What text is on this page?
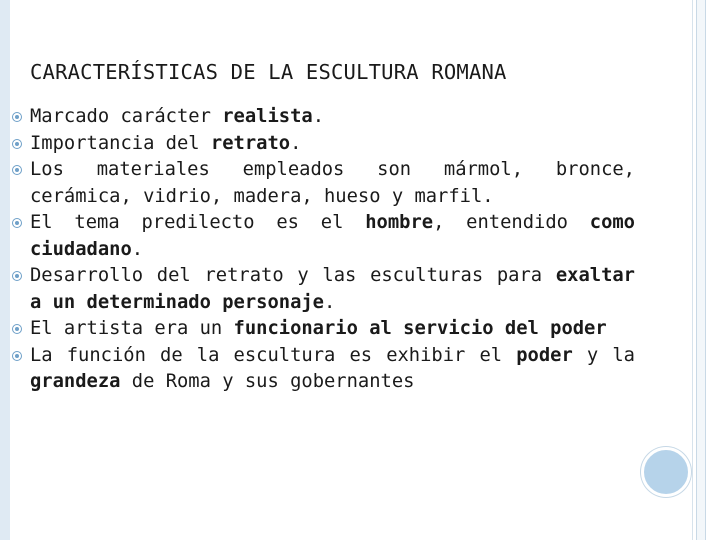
CARACTERÍSTICAS DE LA ESCULTURA ROMANA
Marcado carácter realista.
Importancia del retrato.
Los materiales empleados son mármol, bronce, cerámica, vidrio, madera, hueso y marfil.
El tema predilecto es el hombre, entendido como ciudadano.
Desarrollo del retrato y las esculturas para exaltar a un determinado personaje.
El artista era un funcionario al servicio del poder
La función de la escultura es exhibir el poder y la grandeza de Roma y sus gobernantes
